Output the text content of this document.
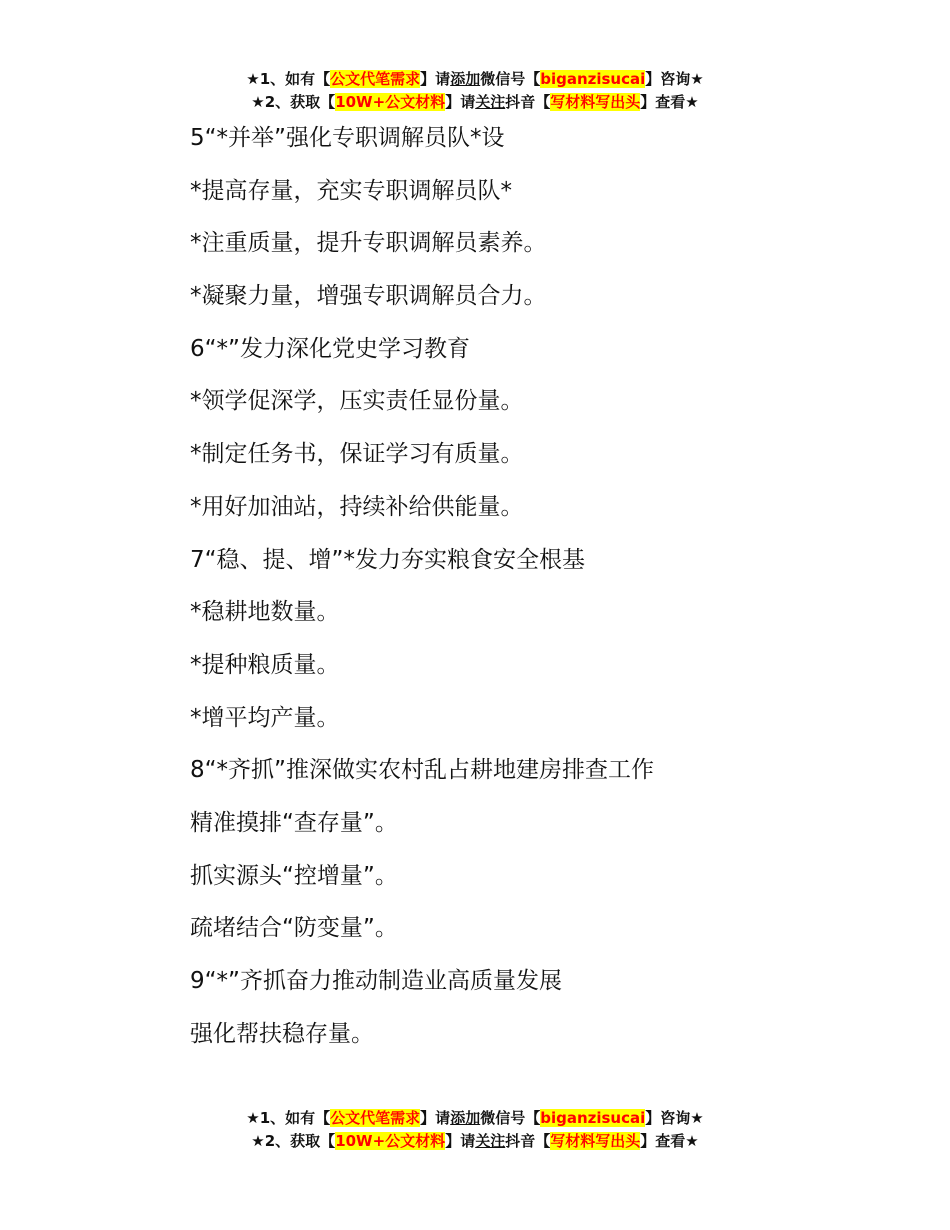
★1、如有【公文代笔需求】请添加微信号【biganzisucai】咨询★
★2、获取【10W+公文材料】请关注抖音【写材料写出头】查看★
5“*并举”强化专职调解员队*设
*提高存量，充实专职调解员队*
*注重质量，提升专职调解员素养。
*凝聚力量，增强专职调解员合力。
6“*”发力深化党史学习教育
*领学促深学，压实责任显份量。
*制定任务书，保证学习有质量。
*用好加油站，持续补给供能量。
7“稳、提、增”*发力夯实粮食安全根基
*稳耕地数量。
*提种粮质量。
*增平均产量。
8“*齐抓”推深做实农村乱占耕地建房排查工作
精准摸排“查存量”。
抓实源头“控增量”。
疏堵结合“防变量”。
9“*”齐抓奋力推动制造业高质量发展
强化帮扶稳存量。
★1、如有【公文代笔需求】请添加微信号【biganzisucai】咨询★
★2、获取【10W+公文材料】请关注抖音【写材料写出头】查看★
